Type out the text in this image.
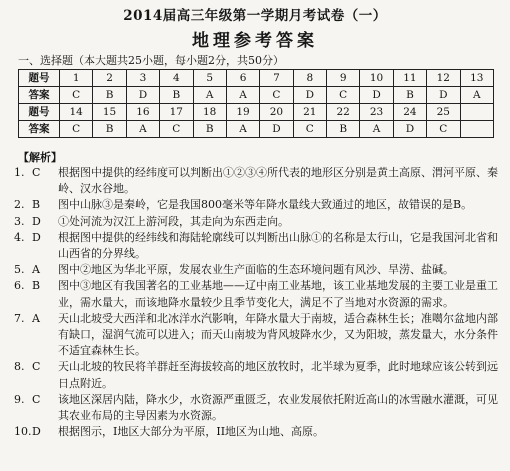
2014届高三年级第一学期月考试卷（一）
地理参考答案
一、选择题（本大题共25小题，每小题2分，共50分）
题号	1	2	3	4	5	6	7	8	9	10	11	12	13
答案	C	B	D	B	A	A	C	D	C	D	B	D	A
题号	14	15	16	17	18	19	20	21	22	23	24	25	
答案	C	B	A	C	B	A	D	C	B	A	D	C	
【解析】
1. C	根据图中提供的经纬度可以判断出①②③④所代表的地形区分别是黄土高原、渭河平原、秦岭、汉水谷地。
2. B	图中山脉③是秦岭，它是我国800毫米等年降水量线大致通过的地区，故错误的是B。
3. D	①处河流为汉江上游河段，其走向为东西走向。
4. D	根据图中提供的经纬线和海陆轮廓线可以判断出山脉①的名称是太行山，它是我国河北省和山西省的分界线。
5. A	图中②地区为华北平原，发展农业生产面临的生态环境问题有风沙、旱涝、盐碱。
6. B	图中③地区有我国著名的工业基地——辽中南工业基地，该工业基地发展的主要工业是重工业，需水量大，而该地降水量较少且季节变化大，满足不了当地对水资源的需求。
7. A	天山北坡受大西洋和北冰洋水汽影响，年降水量大于南坡，适合森林生长；准噶尔盆地内部有缺口，湿润气流可以进入；而天山南坡为背风坡降水少，又为阳坡，蒸发量大，水分条件不适宜森林生长。
8. C	天山北坡的牧民将羊群赶至海拔较高的地区放牧时，北半球为夏季，此时地球应该公转到远日点附近。
9. C	该地区深居内陆，降水少，水资源严重匮乏，农业发展依托附近高山的冰雪融水灌溉，可见其农业布局的主导因素为水资源。
10. D	根据图示，I地区大部分为平原，II地区为山地、高原。
